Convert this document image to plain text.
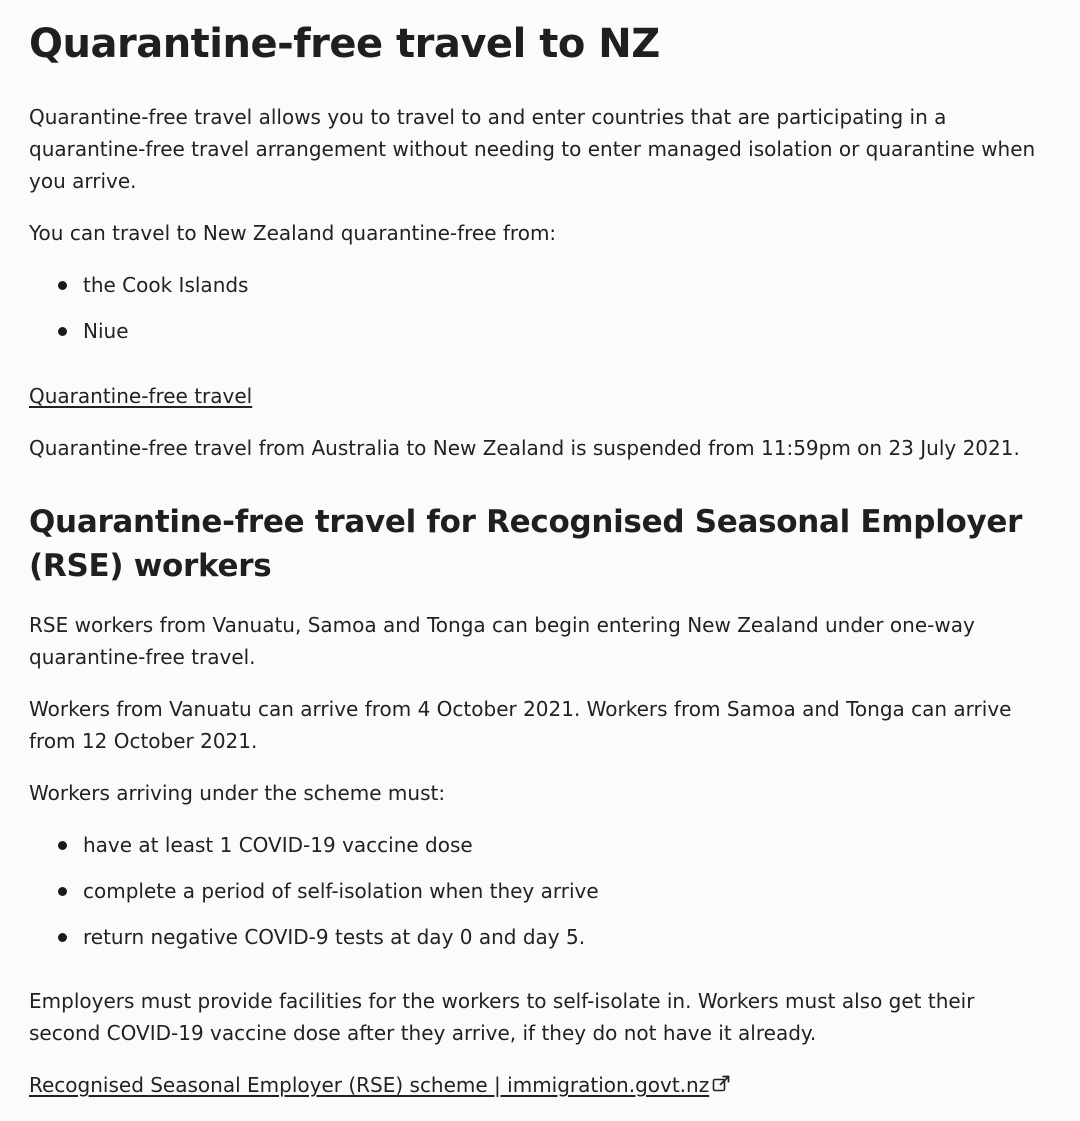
Quarantine-free travel to NZ

Quarantine-free travel allows you to travel to and enter countries that are participating in a quarantine-free travel arrangement without needing to enter managed isolation or quarantine when you arrive.

You can travel to New Zealand quarantine-free from:

the Cook Islands
Niue
Quarantine-free travel

Quarantine-free travel from Australia to New Zealand is suspended from 11:59pm on 23 July 2021.

Quarantine-free travel for Recognised Seasonal Employer (RSE) workers

RSE workers from Vanuatu, Samoa and Tonga can begin entering New Zealand under one-way quarantine-free travel.

Workers from Vanuatu can arrive from 4 October 2021. Workers from Samoa and Tonga can arrive from 12 October 2021.

Workers arriving under the scheme must:

have at least 1 COVID-19 vaccine dose
complete a period of self-isolation when they arrive
return negative COVID-9 tests at day 0 and day 5.

Employers must provide facilities for the workers to self-isolate in. Workers must also get their second COVID-19 vaccine dose after they arrive, if they do not have it already.

Recognised Seasonal Employer (RSE) scheme | immigration.govt.nz
